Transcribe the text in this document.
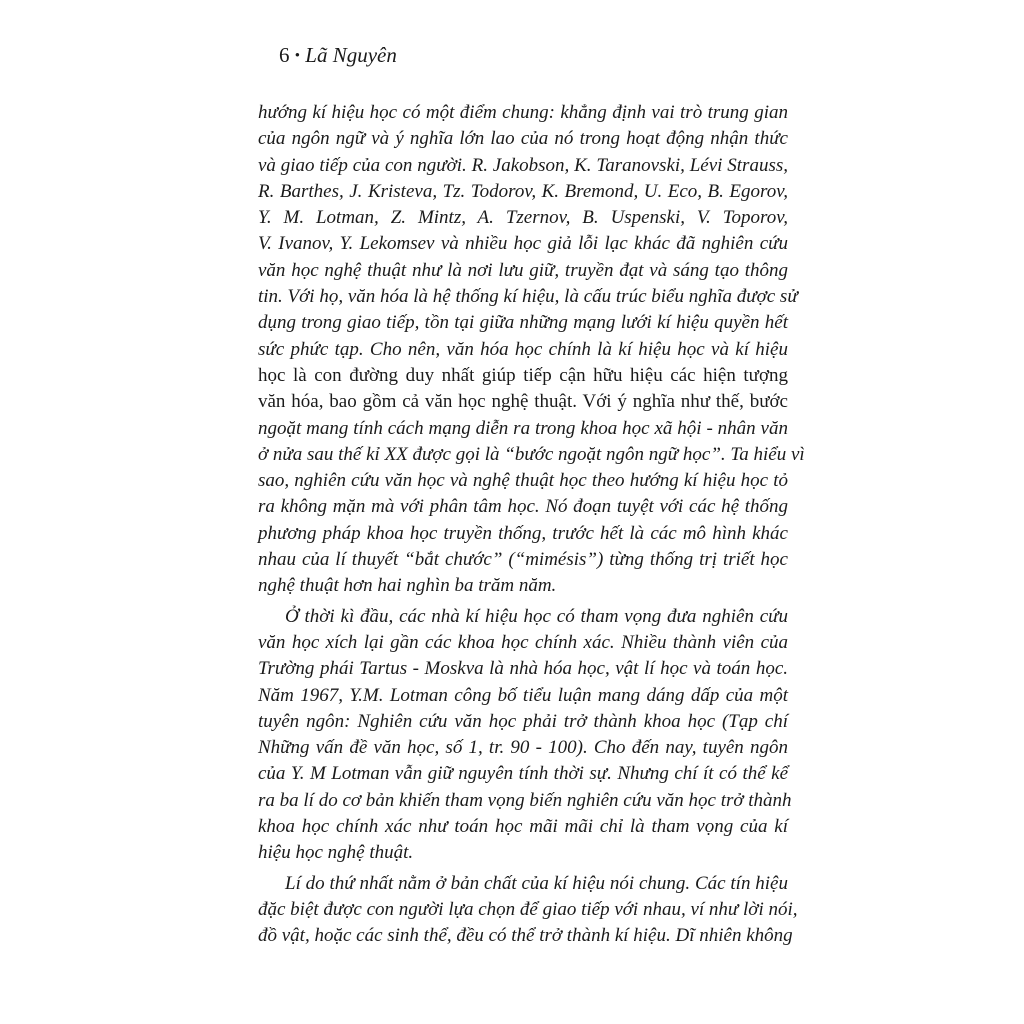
6 • Lã Nguyên
hướng kí hiệu học có một điểm chung: khẳng định vai trò trung gian
của ngôn ngữ và ý nghĩa lớn lao của nó trong hoạt động nhận thức
và giao tiếp của con người. R. Jakobson, K. Taranovski, Lévi Strauss,
R. Barthes, J. Kristeva, Tz. Todorov, K. Bremond, U. Eco, B. Egorov,
Y. M. Lotman, Z. Mintz, A. Tzernov, B. Uspenski, V. Toporov,
V. Ivanov, Y. Lekomsev và nhiều học giả lỗi lạc khác đã nghiên cứu
văn học nghệ thuật như là nơi lưu giữ, truyền đạt và sáng tạo thông
tin. Với họ, văn hóa là hệ thống kí hiệu, là cấu trúc biểu nghĩa được sử
dụng trong giao tiếp, tồn tại giữa những mạng lưới kí hiệu quyền hết
sức phức tạp. Cho nên, văn hóa học chính là kí hiệu học và kí hiệu
học là con đường duy nhất giúp tiếp cận hữu hiệu các hiện tượng
văn hóa, bao gồm cả văn học nghệ thuật. Với ý nghĩa như thế, bước
ngoặt mang tính cách mạng diễn ra trong khoa học xã hội - nhân văn
ở nửa sau thế kỉ XX được gọi là “bước ngoặt ngôn ngữ học”. Ta hiểu vì
sao, nghiên cứu văn học và nghệ thuật học theo hướng kí hiệu học tỏ
ra không mặn mà với phân tâm học. Nó đoạn tuyệt với các hệ thống
phương pháp khoa học truyền thống, trước hết là các mô hình khác
nhau của lí thuyết “bắt chước” (“mimésis”) từng thống trị triết học
nghệ thuật hơn hai nghìn ba trăm năm.
Ở thời kì đầu, các nhà kí hiệu học có tham vọng đưa nghiên cứu
văn học xích lại gần các khoa học chính xác. Nhiều thành viên của
Trường phái Tartus - Moskva là nhà hóa học, vật lí học và toán học.
Năm 1967, Y.M. Lotman công bố tiểu luận mang dáng dấp của một
tuyên ngôn: Nghiên cứu văn học phải trở thành khoa học (Tạp chí
Những vấn đề văn học, số 1, tr. 90 - 100). Cho đến nay, tuyên ngôn
của Y. M Lotman vẫn giữ nguyên tính thời sự. Nhưng chí ít có thể kể
ra ba lí do cơ bản khiến tham vọng biến nghiên cứu văn học trở thành
khoa học chính xác như toán học mãi mãi chỉ là tham vọng của kí
hiệu học nghệ thuật.
Lí do thứ nhất nằm ở bản chất của kí hiệu nói chung. Các tín hiệu
đặc biệt được con người lựa chọn để giao tiếp với nhau, ví như lời nói,
đồ vật, hoặc các sinh thể, đều có thể trở thành kí hiệu. Dĩ nhiên không
